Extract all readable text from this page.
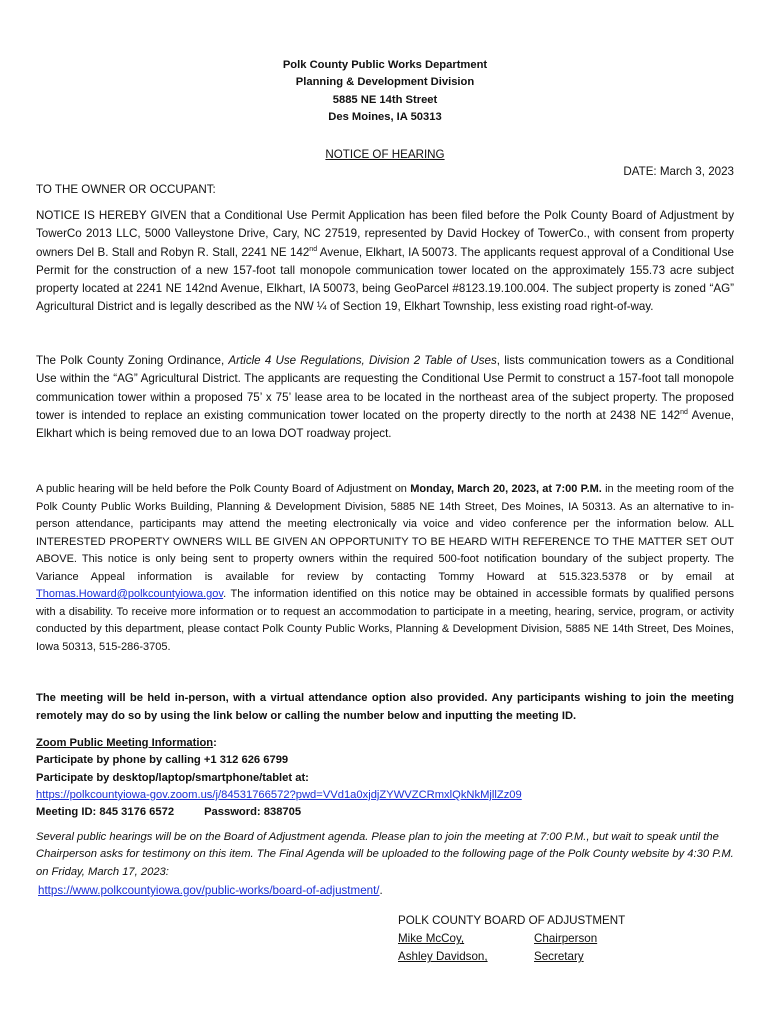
Polk County Public Works Department
Planning & Development Division
5885 NE 14th Street
Des Moines, IA 50313
NOTICE OF HEARING
DATE: March 3, 2023
TO THE OWNER OR OCCUPANT:
NOTICE IS HEREBY GIVEN that a Conditional Use Permit Application has been filed before the Polk County Board of Adjustment by TowerCo 2013 LLC, 5000 Valleystone Drive, Cary, NC 27519, represented by David Hockey of TowerCo., with consent from property owners Del B. Stall and Robyn R. Stall, 2241 NE 142nd Avenue, Elkhart, IA 50073. The applicants request approval of a Conditional Use Permit for the construction of a new 157-foot tall monopole communication tower located on the approximately 155.73 acre subject property located at 2241 NE 142nd Avenue, Elkhart, IA 50073, being GeoParcel #8123.19.100.004. The subject property is zoned “AG” Agricultural District and is legally described as the NW ¼ of Section 19, Elkhart Township, less existing road right-of-way.
The Polk County Zoning Ordinance, Article 4 Use Regulations, Division 2 Table of Uses, lists communication towers as a Conditional Use within the “AG” Agricultural District. The applicants are requesting the Conditional Use Permit to construct a 157-foot tall monopole communication tower within a proposed 75’ x 75’ lease area to be located in the northeast area of the subject property. The proposed tower is intended to replace an existing communication tower located on the property directly to the north at 2438 NE 142nd Avenue, Elkhart which is being removed due to an Iowa DOT roadway project.
A public hearing will be held before the Polk County Board of Adjustment on Monday, March 20, 2023, at 7:00 P.M. in the meeting room of the Polk County Public Works Building, Planning & Development Division, 5885 NE 14th Street, Des Moines, IA 50313. As an alternative to in-person attendance, participants may attend the meeting electronically via voice and video conference per the information below. ALL INTERESTED PROPERTY OWNERS WILL BE GIVEN AN OPPORTUNITY TO BE HEARD WITH REFERENCE TO THE MATTER SET OUT ABOVE. This notice is only being sent to property owners within the required 500-foot notification boundary of the subject property. The Variance Appeal information is available for review by contacting Tommy Howard at 515.323.5378 or by email at Thomas.Howard@polkcountyiowa.gov. The information identified on this notice may be obtained in accessible formats by qualified persons with a disability. To receive more information or to request an accommodation to participate in a meeting, hearing, service, program, or activity conducted by this department, please contact Polk County Public Works, Planning & Development Division, 5885 NE 14th Street, Des Moines, Iowa 50313, 515-286-3705.
The meeting will be held in-person, with a virtual attendance option also provided. Any participants wishing to join the meeting remotely may do so by using the link below or calling the number below and inputting the meeting ID.
Zoom Public Meeting Information:
Participate by phone by calling +1 312 626 6799
Participate by desktop/laptop/smartphone/tablet at:
https://polkcountyiowa-gov.zoom.us/j/84531766572?pwd=VVd1a0xjdjZYWVZCRmxlQkNkMjllZz09
Meeting ID: 845 3176 6572	Password: 838705
Several public hearings will be on the Board of Adjustment agenda. Please plan to join the meeting at 7:00 P.M., but wait to speak until the Chairperson asks for testimony on this item. The Final Agenda will be uploaded to the following page of the Polk County website by 4:30 P.M. on Friday, March 17, 2023:
https://www.polkcountyiowa.gov/public-works/board-of-adjustment/.
POLK COUNTY BOARD OF ADJUSTMENT
Mike McCoy,	Chairperson
Ashley Davidson,	Secretary
